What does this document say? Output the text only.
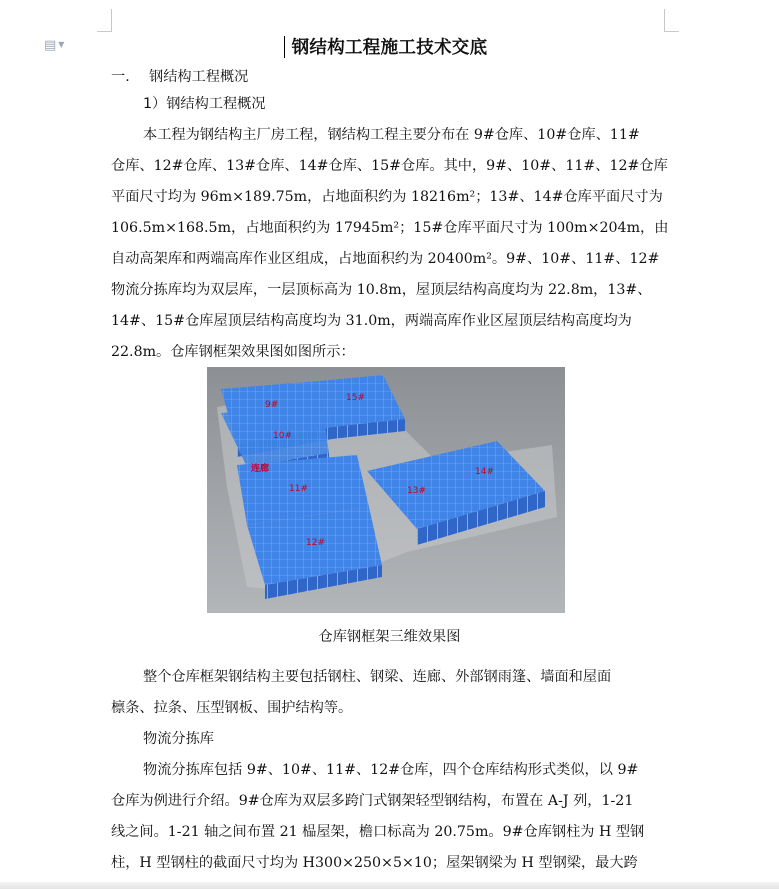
▤ ▼	钢结构工程施工技术交底
一. 钢结构工程概况
1）钢结构工程概况
本工程为钢结构主厂房工程，钢结构工程主要分布在 9#仓库、10#仓库、11#
仓库、12#仓库、13#仓库、14#仓库、15#仓库。其中，9#、10#、11#、12#仓库
平面尺寸均为 96m×189.75m，占地面积约为 18216m²；13#、14#仓库平面尺寸为
106.5m×168.5m，占地面积约为 17945m²；15#仓库平面尺寸为 100m×204m，由
自动高架库和两端高库作业区组成，占地面积约为 20400m²。9#、10#、11#、12#
物流分拣库均为双层库，一层顶标高为 10.8m，屋顶层结构高度均为 22.8m，13#、
14#、15#仓库屋顶层结构高度均为 31.0m，两端高库作业区屋顶层结构高度均为
22.8m。仓库钢框架效果图如图所示：
9#
15#
10#
连廊
11#	13#
14#
12#
仓库钢框架三维效果图
整个仓库框架钢结构主要包括钢柱、钢梁、连廊、外部钢雨篷、墙面和屋面
檩条、拉条、压型钢板、围护结构等。
物流分拣库
物流分拣库包括 9#、10#、11#、12#仓库，四个仓库结构形式类似，以 9#
仓库为例进行介绍。9#仓库为双层多跨门式钢架轻型钢结构，布置在 A-J 列，1-21
线之间。1-21 轴之间布置 21 榀屋架，檐口标高为 20.75m。9#仓库钢柱为 H 型钢
柱，H 型钢柱的截面尺寸均为 H300×250×5×10；屋架钢梁为 H 型钢梁，最大跨
